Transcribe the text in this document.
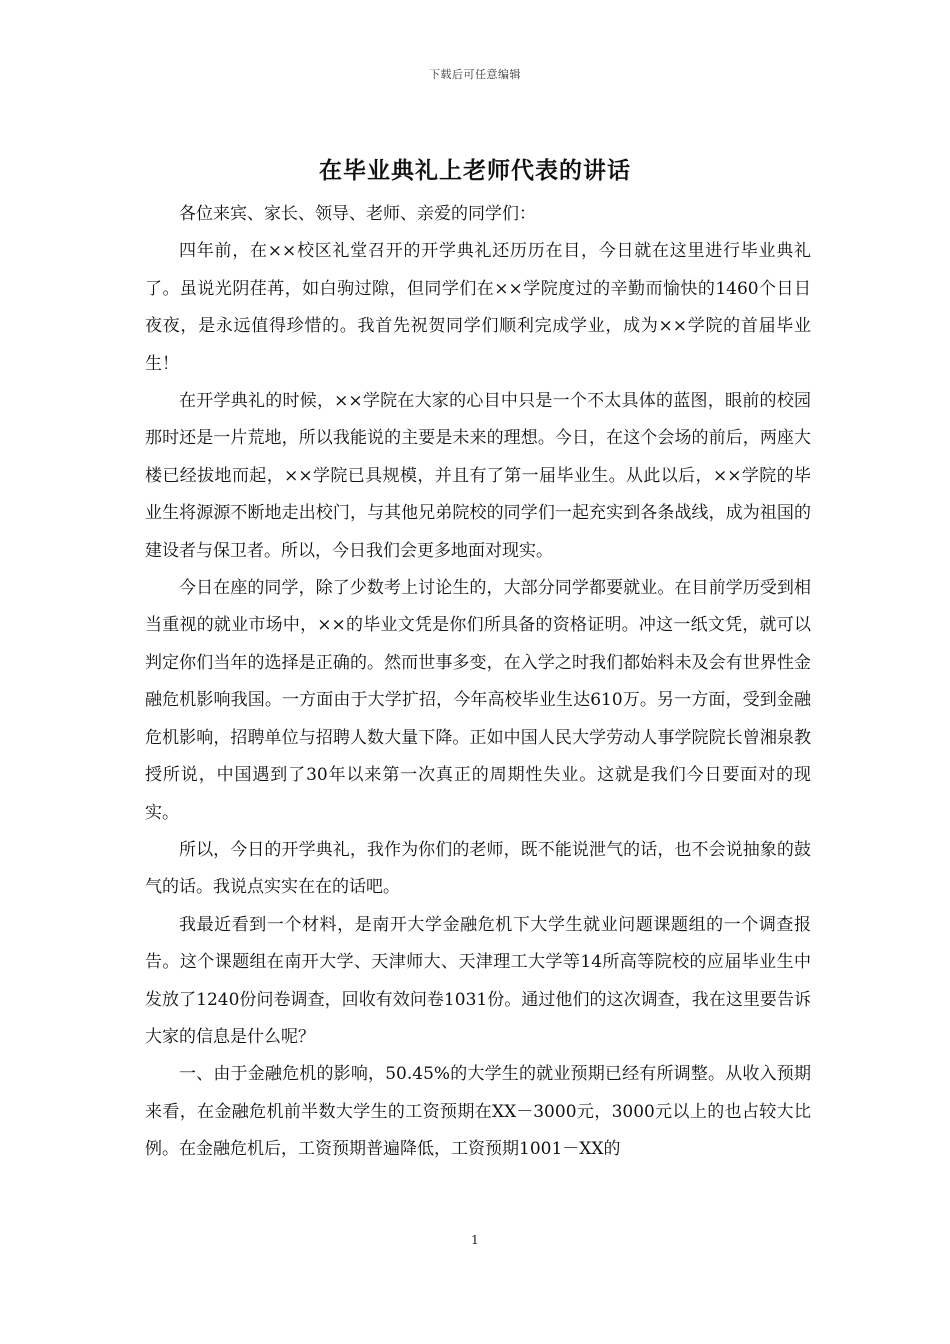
下载后可任意编辑
在毕业典礼上老师代表的讲话

各位来宾、家长、领导、老师、亲爱的同学们：

四年前，在××校区礼堂召开的开学典礼还历历在目，今日就在这里进行毕业典礼了。虽说光阴荏苒，如白驹过隙，但同学们在××学院度过的辛勤而愉快的1460个日日夜夜，是永远值得珍惜的。我首先祝贺同学们顺利完成学业，成为××学院的首届毕业生！

在开学典礼的时候，××学院在大家的心目中只是一个不太具体的蓝图，眼前的校园那时还是一片荒地，所以我能说的主要是未来的理想。今日，在这个会场的前后，两座大楼已经拔地而起，××学院已具规模，并且有了第一届毕业生。从此以后，××学院的毕业生将源源不断地走出校门，与其他兄弟院校的同学们一起充实到各条战线，成为祖国的建设者与保卫者。所以，今日我们会更多地面对现实。

今日在座的同学，除了少数考上讨论生的，大部分同学都要就业。在目前学历受到相当重视的就业市场中，××的毕业文凭是你们所具备的资格证明。冲这一纸文凭，就可以判定你们当年的选择是正确的。然而世事多变，在入学之时我们都始料未及会有世界性金融危机影响我国。一方面由于大学扩招，今年高校毕业生达610万。另一方面，受到金融危机影响，招聘单位与招聘人数大量下降。正如中国人民大学劳动人事学院院长曾湘泉教授所说，中国遇到了30年以来第一次真正的周期性失业。这就是我们今日要面对的现实。

所以，今日的开学典礼，我作为你们的老师，既不能说泄气的话，也不会说抽象的鼓气的话。我说点实实在在的话吧。

我最近看到一个材料，是南开大学金融危机下大学生就业问题课题组的一个调查报告。这个课题组在南开大学、天津师大、天津理工大学等14所高等院校的应届毕业生中发放了1240份问卷调查，回收有效问卷1031份。通过他们的这次调查，我在这里要告诉大家的信息是什么呢？

一、由于金融危机的影响，50.45%的大学生的就业预期已经有所调整。从收入预期来看，在金融危机前半数大学生的工资预期在XX－3000元，3000元以上的也占较大比例。在金融危机后，工资预期普遍降低，工资预期1001－XX的

1
